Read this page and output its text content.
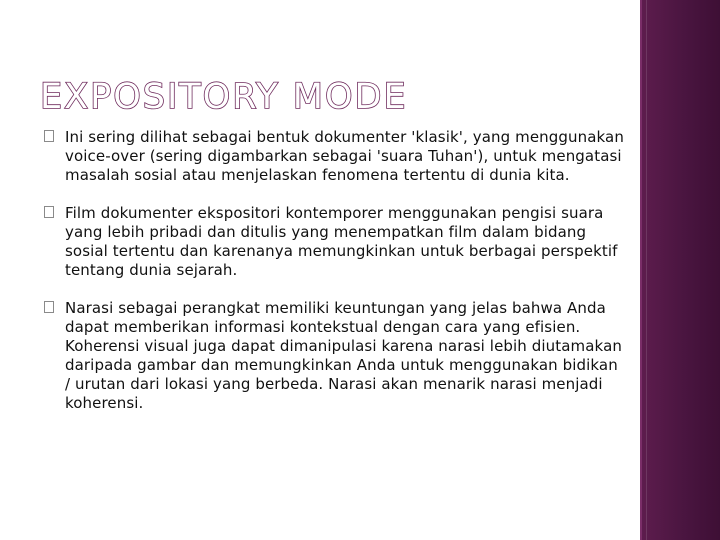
EXPOSITORY MODE
Ini sering dilihat sebagai bentuk dokumenter 'klasik', yang menggunakan voice-over (sering digambarkan sebagai 'suara Tuhan'), untuk mengatasi masalah sosial atau menjelaskan fenomena tertentu di dunia kita.
Film dokumenter ekspositori kontemporer menggunakan pengisi suara yang lebih pribadi dan ditulis yang menempatkan film dalam bidang sosial tertentu dan karenanya memungkinkan untuk berbagai perspektif tentang dunia sejarah.
Narasi sebagai perangkat memiliki keuntungan yang jelas bahwa Anda dapat memberikan informasi kontekstual dengan cara yang efisien. Koherensi visual juga dapat dimanipulasi karena narasi lebih diutamakan daripada gambar dan memungkinkan Anda untuk menggunakan bidikan / urutan dari lokasi yang berbeda. Narasi akan menarik narasi menjadi koherensi.
